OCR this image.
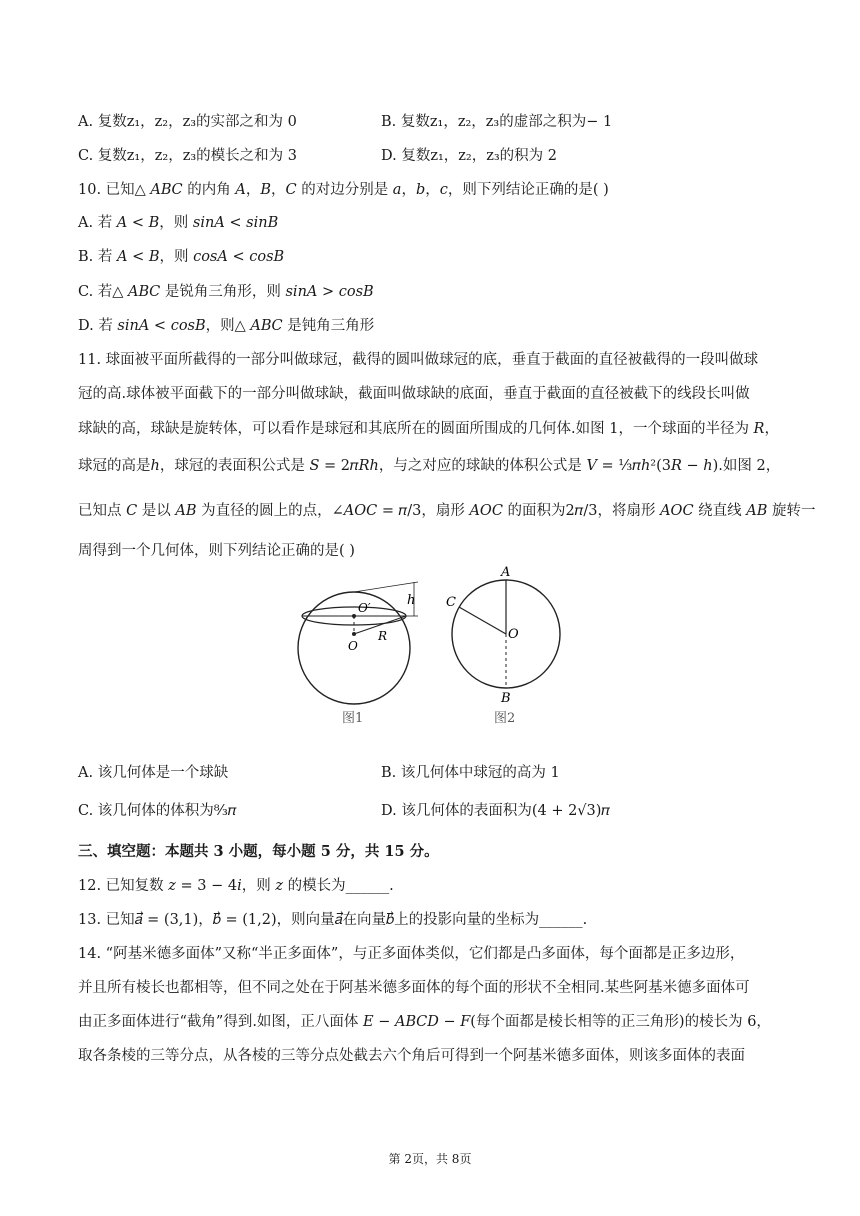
A. 复数z₁，z₂，z₃的实部之和为 0	B. 复数z₁，z₂，z₃的虚部之积为− 1
C. 复数z₁，z₂，z₃的模长之和为 3	D. 复数z₁，z₂，z₃的积为 2
10. 已知△ 𝐴𝐵𝐶 的内角 𝐴，𝐵，𝐶 的对边分别是 𝑎，𝑏，𝑐，则下列结论正确的是( )
A. 若 𝐴 < 𝐵，则 𝑠𝑖𝑛𝐴 < 𝑠𝑖𝑛𝐵
B. 若 𝐴 < 𝐵，则 𝑐𝑜𝑠𝐴 < 𝑐𝑜𝑠𝐵
C. 若△ 𝐴𝐵𝐶 是锐角三角形，则 𝑠𝑖𝑛𝐴 > 𝑐𝑜𝑠𝐵
D. 若 𝑠𝑖𝑛𝐴 < 𝑐𝑜𝑠𝐵，则△ 𝐴𝐵𝐶 是钝角三角形
11. 球面被平面所截得的一部分叫做球冠，截得的圆叫做球冠的底，垂直于截面的直径被截得的一段叫做球
冠的高.球体被平面截下的一部分叫做球缺，截面叫做球缺的底面，垂直于截面的直径被截下的线段长叫做
球缺的高，球缺是旋转体，可以看作是球冠和其底所在的圆面所围成的几何体.如图 1，一个球面的半径为 𝑅，
球冠的高是ℎ，球冠的表面积公式是 𝑆 = 2𝜋𝑅ℎ，与之对应的球缺的体积公式是 𝑉 = ⅓𝜋ℎ²(3𝑅 − ℎ).如图 2，
已知点 𝐶 是以 𝐴𝐵 为直径的圆上的点，∠𝐴𝑂𝐶 = 𝜋/3，扇形 𝐴𝑂𝐶 的面积为2𝜋/3，将扇形 𝐴𝑂𝐶 绕直线 𝐴𝐵 旋转一
周得到一个几何体，则下列结论正确的是( )
h
O′
O
R
图1
A
B
C
O
图2
A. 该几何体是一个球缺	B. 该几何体中球冠的高为 1
C. 该几何体的体积为⁸⁄₃𝜋	D. 该几何体的表面积为(4 + 2√3)𝜋
三、填空题：本题共 3 小题，每小题 5 分，共 15 分。
12. 已知复数 𝑧 = 3 − 4𝑖，则 𝑧 的模长为______.
13. 已知𝑎⃗ = (3,1)，𝑏⃗ = (1,2)，则向量𝑎⃗在向量𝑏⃗上的投影向量的坐标为______.
14. “阿基米德多面体”又称“半正多面体”，与正多面体类似，它们都是凸多面体，每个面都是正多边形，
并且所有棱长也都相等，但不同之处在于阿基米德多面体的每个面的形状不全相同.某些阿基米德多面体可
由正多面体进行“截角”得到.如图，正八面体 𝐸 − 𝐴𝐵𝐶𝐷 − 𝐹(每个面都是棱长相等的正三角形)的棱长为 6，
取各条棱的三等分点，从各棱的三等分点处截去六个角后可得到一个阿基米德多面体，则该多面体的表面
第 2页，共 8页
